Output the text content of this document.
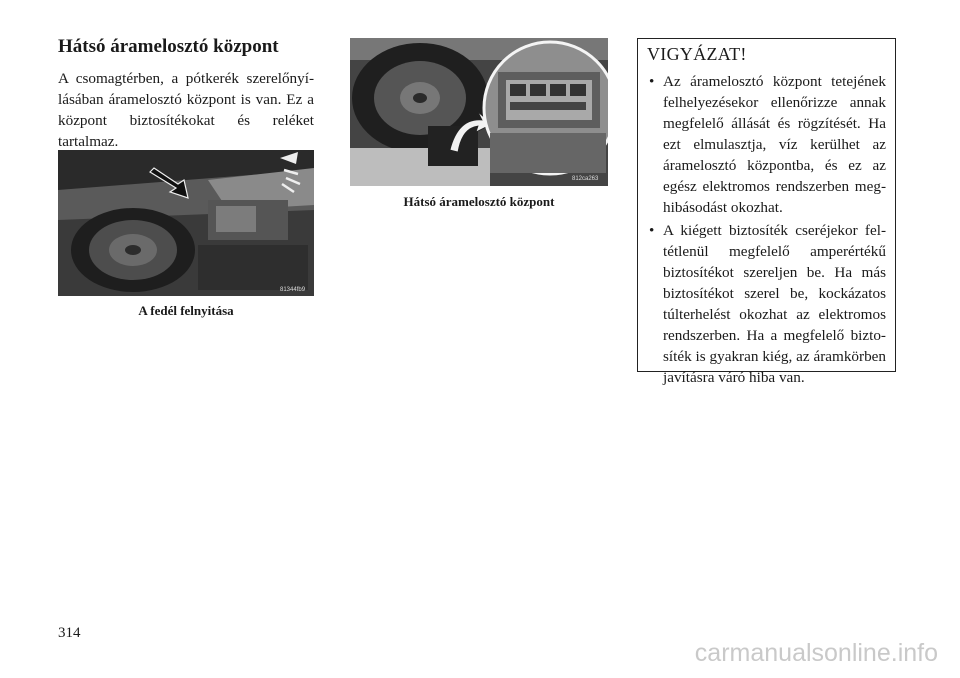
Hátsó áramelosztó központ

A csomagtérben, a pótkerék szerelőnyí-lásában áramelosztó központ is van. Ez a központ biztosítékokat és reléket tartalmaz.

81344fb9
A fedél felnyitása
812ca263
Hátsó áramelosztó központ
VIGYÁZAT!
• Az áramelosztó központ tetejének felhelyezésekor ellenőrizze annak megfelelő állását és rögzítését. Ha ezt elmulasztja, víz kerülhet az áramelosztó központba, és ez az egész elektromos rendszerben meg-hibásodást okozhat.
• A kiégett biztosíték cseréjekor fel-tétlenül megfelelő amperértékű biztosítékot szereljen be. Ha más biztosítékot szerel be, kockázatos túlterhelést okozhat az elektromos rendszerben. Ha a megfelelő bizto-síték is gyakran kiég, az áramkörben javításra váró hiba van.
314
carmanualsonline.info
